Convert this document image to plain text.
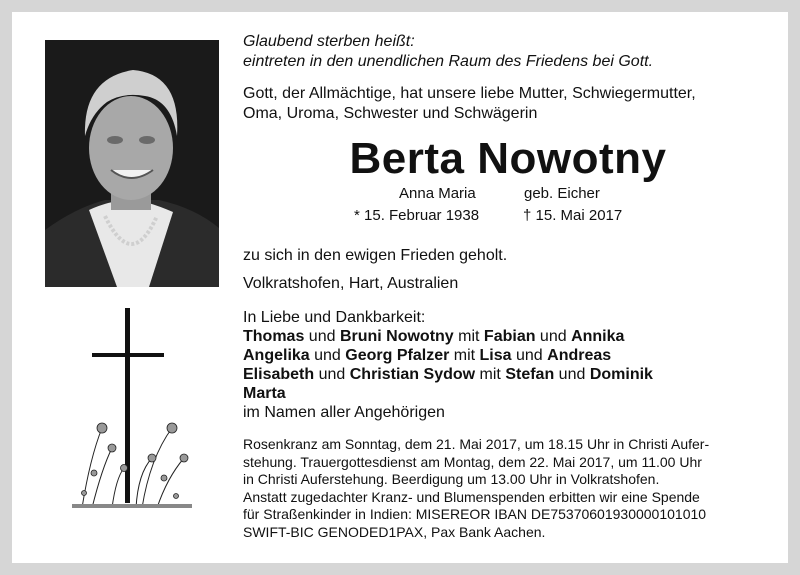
Glaubend sterben heißt:
eintreten in den unendlichen Raum des Friedens bei Gott.
Gott, der Allmächtige, hat unsere liebe Mutter, Schwiegermutter,
Oma, Uroma, Schwester und Schwägerin
Berta Nowotny
Anna Maria	geb. Eicher
* 15. Februar 1938	† 15. Mai 2017
zu sich in den ewigen Frieden geholt.
Volkratshofen, Hart, Australien
In Liebe und Dankbarkeit:
Thomas und Bruni Nowotny mit Fabian und Annika
Angelika und Georg Pfalzer mit Lisa und Andreas
Elisabeth und Christian Sydow mit Stefan und Dominik
Marta
im Namen aller Angehörigen
Rosenkranz am Sonntag, dem 21. Mai 2017, um 18.15 Uhr in Christi Aufer-
stehung. Trauergottesdienst am Montag, dem 22. Mai 2017, um 11.00 Uhr
in Christi Auferstehung. Beerdigung um 13.00 Uhr in Volkratshofen.
Anstatt zugedachter Kranz- und Blumenspenden erbitten wir eine Spende
für Straßenkinder in Indien: MISEREOR IBAN DE75370601930000101010
SWIFT-BIC GENODED1PAX, Pax Bank Aachen.
